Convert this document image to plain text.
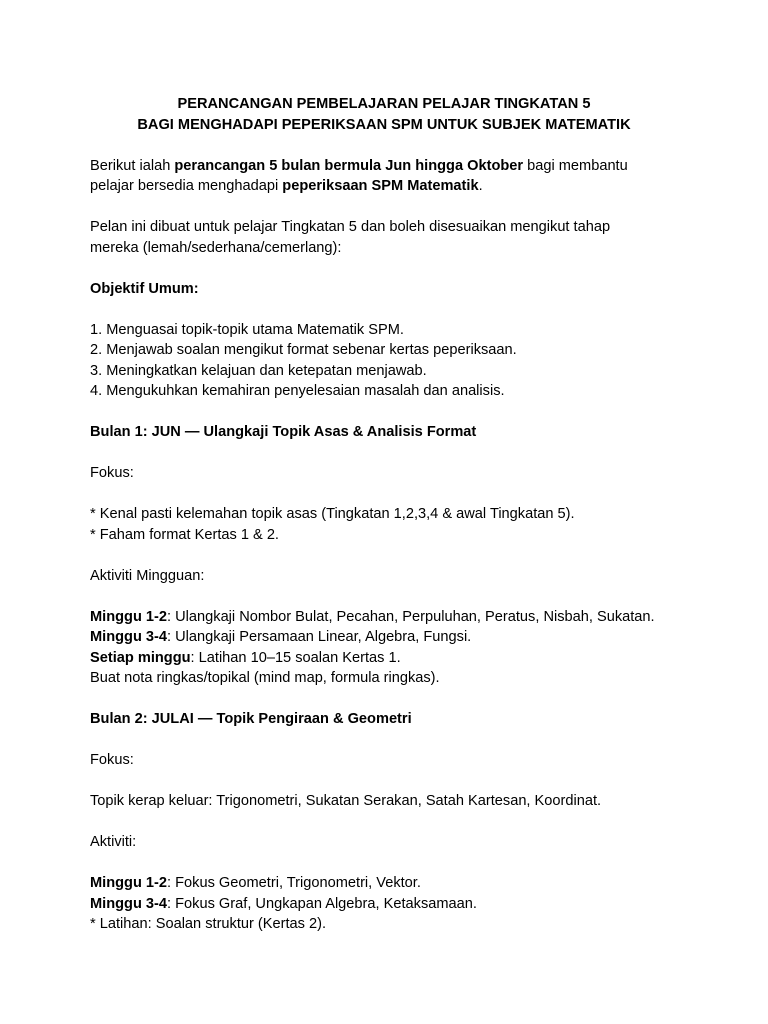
PERANCANGAN PEMBELAJARAN PELAJAR TINGKATAN 5
BAGI MENGHADAPI PEPERIKSAAN SPM UNTUK SUBJEK MATEMATIK
Berikut ialah perancangan 5 bulan bermula Jun hingga Oktober bagi membantu
pelajar bersedia menghadapi peperiksaan SPM Matematik.
Pelan ini dibuat untuk pelajar Tingkatan 5 dan boleh disesuaikan mengikut tahap
mereka (lemah/sederhana/cemerlang):
Objektif Umum:
1. Menguasai topik-topik utama Matematik SPM.
2. Menjawab soalan mengikut format sebenar kertas peperiksaan.
3. Meningkatkan kelajuan dan ketepatan menjawab.
4. Mengukuhkan kemahiran penyelesaian masalah dan analisis.
Bulan 1: JUN — Ulangkaji Topik Asas & Analisis Format
Fokus:
* Kenal pasti kelemahan topik asas (Tingkatan 1,2,3,4 & awal Tingkatan 5).
* Faham format Kertas 1 & 2.
Aktiviti Mingguan:
Minggu 1-2: Ulangkaji Nombor Bulat, Pecahan, Perpuluhan, Peratus, Nisbah, Sukatan.
Minggu 3-4: Ulangkaji Persamaan Linear, Algebra, Fungsi.
Setiap minggu: Latihan 10–15 soalan Kertas 1.
Buat nota ringkas/topikal (mind map, formula ringkas).
Bulan 2: JULAI — Topik Pengiraan & Geometri
Fokus:
Topik kerap keluar: Trigonometri, Sukatan Serakan, Satah Kartesan, Koordinat.
Aktiviti:
Minggu 1-2: Fokus Geometri, Trigonometri, Vektor.
Minggu 3-4: Fokus Graf, Ungkapan Algebra, Ketaksamaan.
* Latihan: Soalan struktur (Kertas 2).
